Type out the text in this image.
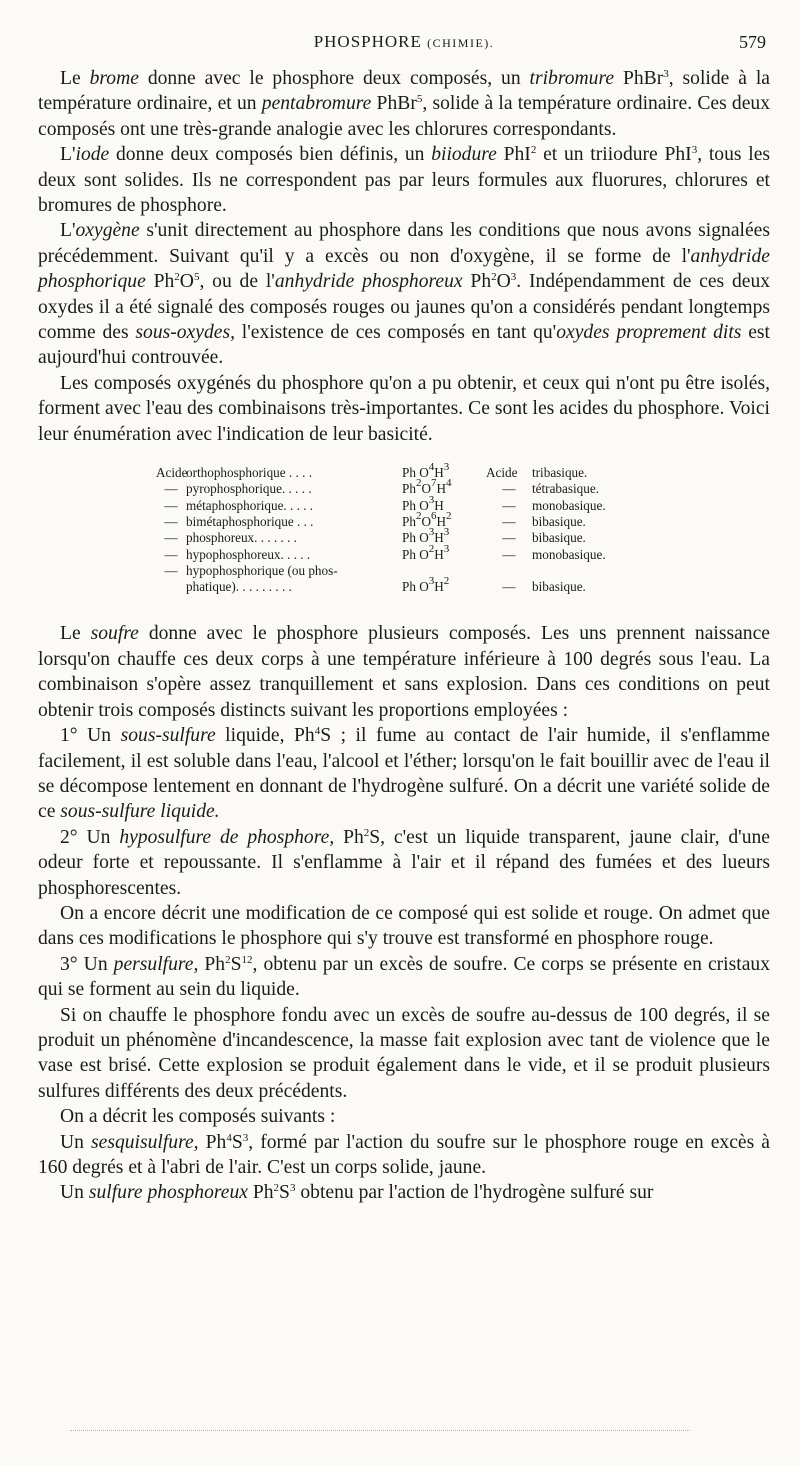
PHOSPHORE (CHIMIE).	579

Le brome donne avec le phosphore deux composés, un tribromure PhBr$^3$, solide à la température ordinaire, et un pentabromure PhBr$^5$, solide à la température ordinaire. Ces deux composés ont une très-grande analogie avec les chlorures correspondants.

L'iode donne deux composés bien définis, un biiodure PhI$^2$ et un triiodure PhI$^3$, tous les deux sont solides. Ils ne correspondent pas par leurs formules aux fluorures, chlorures et bromures de phosphore.

L'oxygène s'unit directement au phosphore dans les conditions que nous avons signalées précédemment. Suivant qu'il y a excès ou non d'oxygène, il se forme de l'anhydride phosphorique $Ph^2O^5$, ou de l'anhydride phosphoreux $Ph^2O^3$. Indépendamment de ces deux oxydes il a été signalé des composés rouges ou jaunes qu'on a considérés pendant longtemps comme des sous-oxydes, l'existence de ces composés en tant qu'oxydes proprement dits est aujourd'hui controuvée.

Les composés oxygénés du phosphore qu'on a pu obtenir, et ceux qui n'ont pu être isolés, forment avec l'eau des combinaisons très-importantes. Ce sont les acides du phosphore. Voici leur énumération avec l'indication de leur basicité.

Acideorthophosphorique . . . .	Ph $O^4H^3$	Acide tribasique.
— pyrophosphorique. . . . .	$Ph^2O^7H^4$	— tétrabasique.
— métaphosphorique. . . . .	Ph $O^3H$	— monobasique.
— bimétaphosphorique . . .	$Ph^2O^6H^2$	— bibasique.
— phosphoreux. . . . . . .	Ph $O^3H^3$	— bibasique.
— hypophosphoreux. . . . .	Ph $O^2H^3$	— monobasique.
— hypophosphorique (ou phos-
phatique). . . . . . . . .	Ph $O^3H^2$	— bibasique.

Le soufre donne avec le phosphore plusieurs composés. Les uns prennent naissance lorsqu'on chauffe ces deux corps à une température inférieure à 100 degrés sous l'eau. La combinaison s'opère assez tranquillement et sans explosion. Dans ces conditions on peut obtenir trois composés distincts suivant les proportions employées :

1° Un sous-sulfure liquide, Ph$^4$S ; il fume au contact de l'air humide, il s'enflamme facilement, il est soluble dans l'eau, l'alcool et l'éther; lorsqu'on le fait bouillir avec de l'eau il se décompose lentement en donnant de l'hydrogène sulfuré. On a décrit une variété solide de ce sous-sulfure liquide.

2° Un hyposulfure de phosphore, Ph$^2$S, c'est un liquide transparent, jaune clair, d'une odeur forte et repoussante. Il s'enflamme à l'air et il répand des fumées et des lueurs phosphorescentes.

On a encore décrit une modification de ce composé qui est solide et rouge. On admet que dans ces modifications le phosphore qui s'y trouve est transformé en phosphore rouge.

3° Un persulfure, $Ph^2S^{12}$, obtenu par un excès de soufre. Ce corps se présente en cristaux qui se forment au sein du liquide.

Si on chauffe le phosphore fondu avec un excès de soufre au-dessus de 100 degrés, il se produit un phénomène d'incandescence, la masse fait explosion avec tant de violence que le vase est brisé. Cette explosion se produit également dans le vide, et il se produit plusieurs sulfures différents des deux précédents.

On a décrit les composés suivants :

Un sesquisulfure, $Ph^4S^3$, formé par l'action du soufre sur le phosphore rouge en excès à 160 degrés et à l'abri de l'air. C'est un corps solide, jaune.

Un sulfure phosphoreux $Ph^2S^3$ obtenu par l'action de l'hydrogène sulfuré sur
